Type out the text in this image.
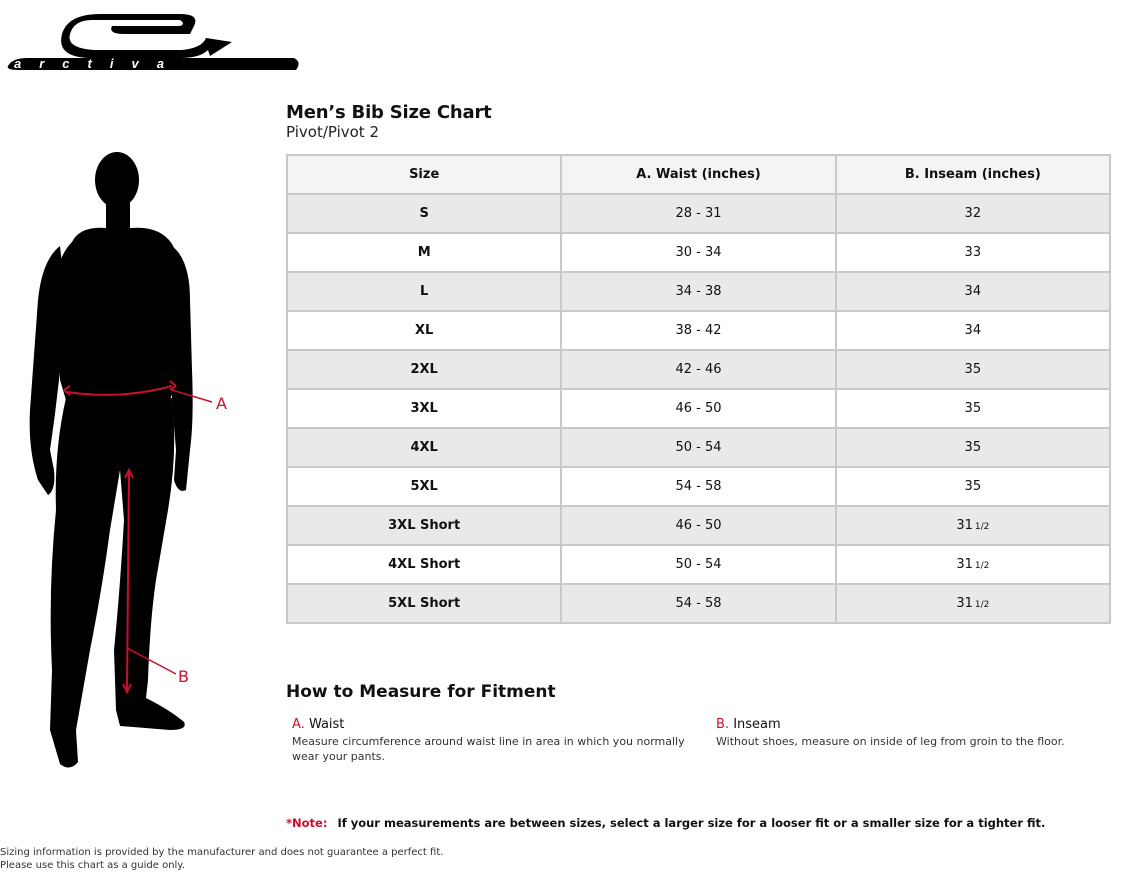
arctiva
A
B
Men’s Bib Size Chart
Pivot/Pivot 2
Size	A. Waist (inches)	B. Inseam (inches)
S	28 - 31	32
M	30 - 34	33
L	34 - 38	34
XL	38 - 42	34
2XL	42 - 46	35
3XL	46 - 50	35
4XL	50 - 54	35
5XL	54 - 58	35
3XL Short	46 - 50	31 1/2
4XL Short	50 - 54	31 1/2
5XL Short	54 - 58	31 1/2
How to Measure for Fitment
A. Waist
Measure circumference around waist line in area in which you normally wear your pants.
B. Inseam
Without shoes, measure on inside of leg from groin to the floor.
*Note: If your measurements are between sizes, select a larger size for a looser fit or a smaller size for a tighter fit.
Sizing information is provided by the manufacturer and does not guarantee a perfect fit.
Please use this chart as a guide only.
